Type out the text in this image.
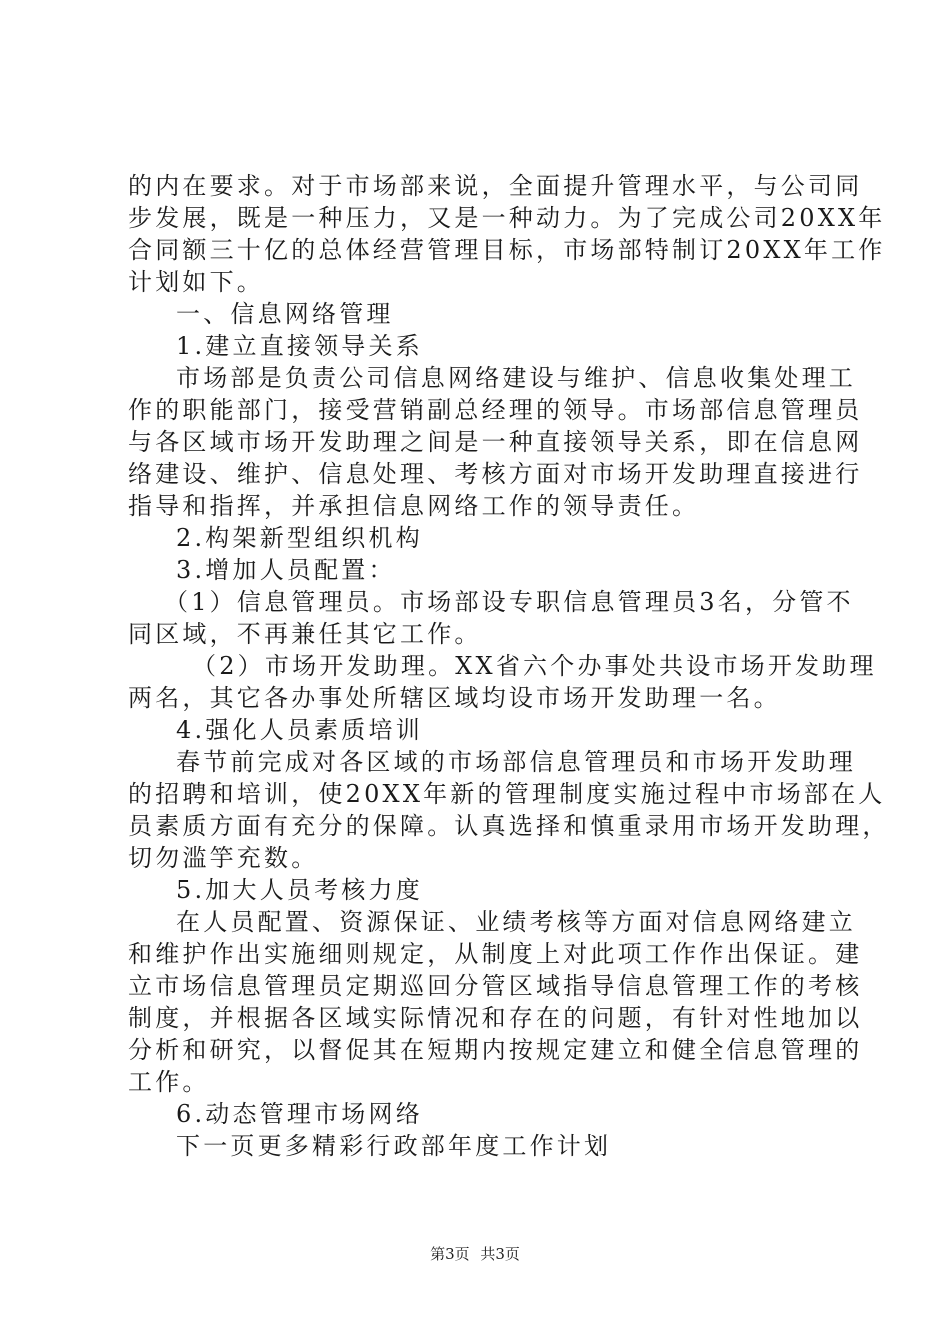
的内在要求。对于市场部来说，全面提升管理水平，与公司同
步发展，既是一种压力，又是一种动力。为了完成公司20XX年
合同额三十亿的总体经营管理目标，市场部特制订20XX年工作
计划如下。
一、信息网络管理
1.建立直接领导关系
市场部是负责公司信息网络建设与维护、信息收集处理工
作的职能部门，接受营销副总经理的领导。市场部信息管理员
与各区域市场开发助理之间是一种直接领导关系，即在信息网
络建设、维护、信息处理、考核方面对市场开发助理直接进行
指导和指挥，并承担信息网络工作的领导责任。
2.构架新型组织机构
3.增加人员配置：
（1）信息管理员。市场部设专职信息管理员3名，分管不
同区域，不再兼任其它工作。
（2）市场开发助理。XX省六个办事处共设市场开发助理
两名，其它各办事处所辖区域均设市场开发助理一名。
4.强化人员素质培训
春节前完成对各区域的市场部信息管理员和市场开发助理
的招聘和培训，使20XX年新的管理制度实施过程中市场部在人
员素质方面有充分的保障。认真选择和慎重录用市场开发助理，
切勿滥竽充数。
5.加大人员考核力度
在人员配置、资源保证、业绩考核等方面对信息网络建立
和维护作出实施细则规定，从制度上对此项工作作出保证。建
立市场信息管理员定期巡回分管区域指导信息管理工作的考核
制度，并根据各区域实际情况和存在的问题，有针对性地加以
分析和研究，以督促其在短期内按规定建立和健全信息管理的
工作。
6.动态管理市场网络
下一页更多精彩行政部年度工作计划
第3页 共3页
